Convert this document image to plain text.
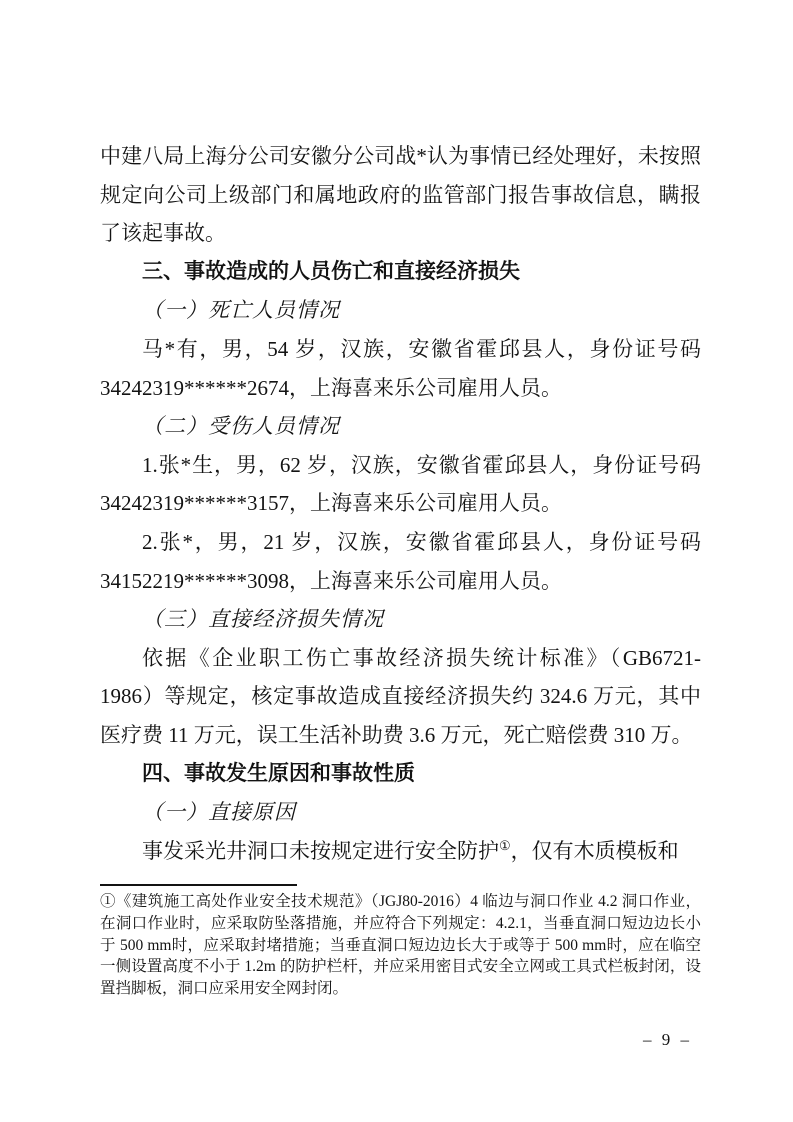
中建八局上海分公司安徽分公司战*认为事情已经处理好，未按照规定向公司上级部门和属地政府的监管部门报告事故信息，瞒报了该起事故。

三、事故造成的人员伤亡和直接经济损失

（一）死亡人员情况

马*有，男，54 岁，汉族，安徽省霍邱县人，身份证号码34242319******2674，上海喜来乐公司雇用人员。

（二）受伤人员情况

1.张*生，男，62 岁，汉族，安徽省霍邱县人，身份证号码34242319******3157，上海喜来乐公司雇用人员。

2.张*，男，21 岁，汉族，安徽省霍邱县人，身份证号码34152219******3098，上海喜来乐公司雇用人员。

（三）直接经济损失情况

依据《企业职工伤亡事故经济损失统计标准》（GB6721-1986）等规定，核定事故造成直接经济损失约 324.6 万元，其中医疗费 11 万元，误工生活补助费 3.6 万元，死亡赔偿费 310 万。

四、事故发生原因和事故性质

（一）直接原因

事发采光井洞口未按规定进行安全防护①，仅有木质模板和

①《建筑施工高处作业安全技术规范》（JGJ80-2016）4 临边与洞口作业 4.2 洞口作业，在洞口作业时，应采取防坠落措施，并应符合下列规定：4.2.1，当垂直洞口短边边长小于 500 mm时，应采取封堵措施；当垂直洞口短边边长大于或等于 500 mm时，应在临空一侧设置高度不小于 1.2m 的防护栏杆，并应采用密目式安全立网或工具式栏板封闭，设置挡脚板，洞口应采用安全网封闭。

– 9 –
